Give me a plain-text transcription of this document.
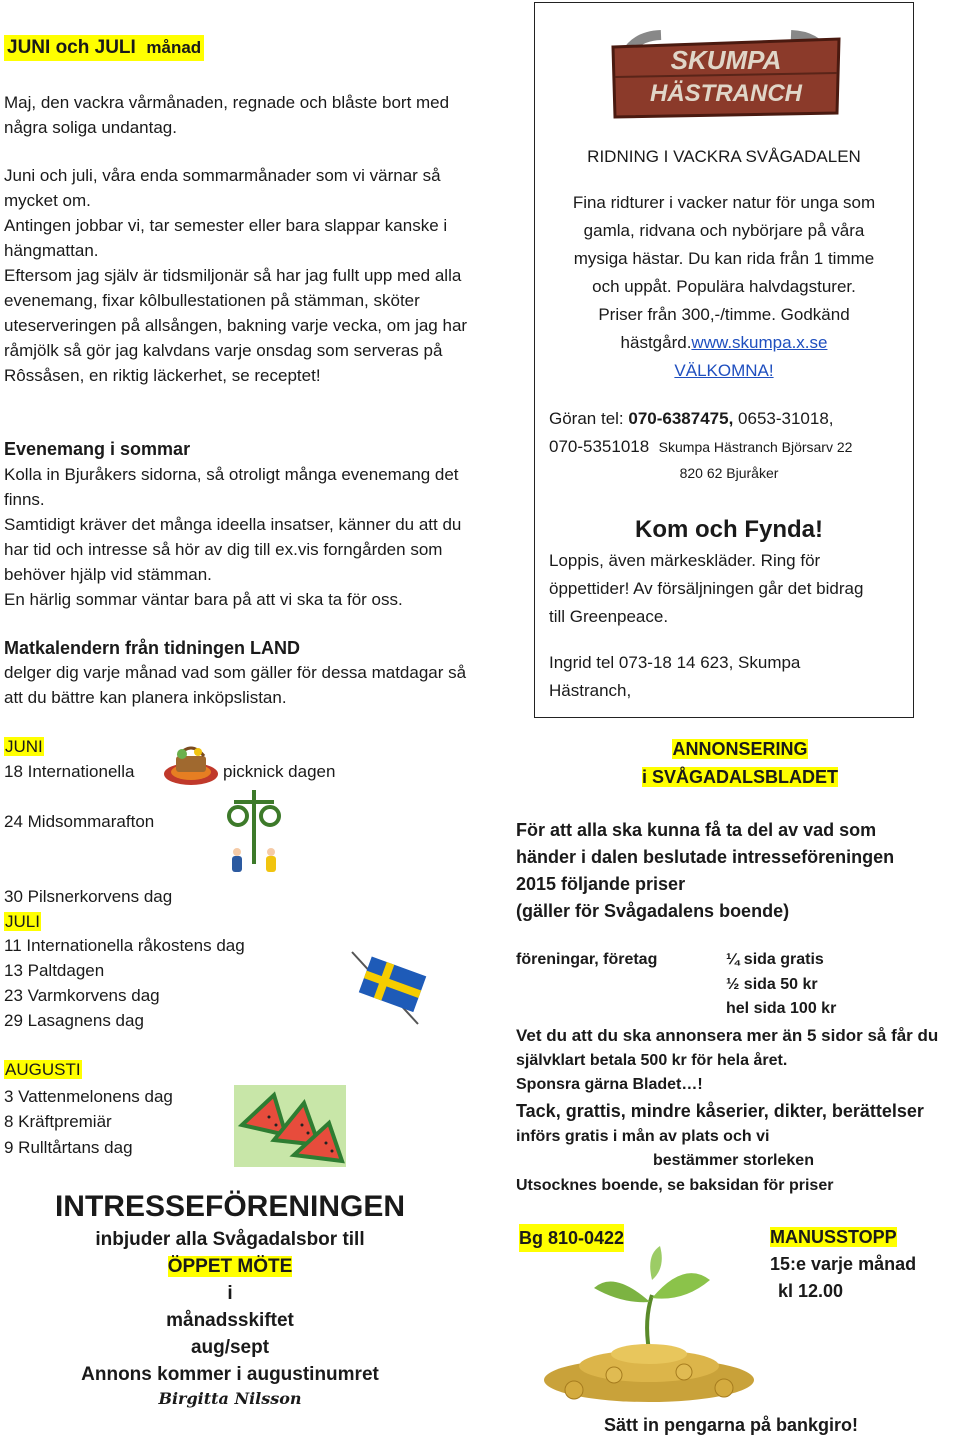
JUNI och JULI månad

Maj, den vackra vårmånaden, regnade och blåste bort med några soliga undantag.

Juni och juli, våra enda sommarmånader som vi värnar så mycket om.

Antingen jobbar vi, tar semester eller bara slappar kanske i hängmattan.

Eftersom jag själv är tidsmiljonär så har jag fullt upp med alla evenemang, fixar kôlbullestationen på stämman, sköter uteserveringen på allsången, bakning varje vecka, om jag har råmjölk så gör jag kalvdans varje onsdag som serveras på Rôssåsen, en riktig läckerhet, se receptet!

Evenemang i sommar

Kolla in Bjuråkers sidorna, så otroligt många evenemang det finns.

Samtidigt kräver det många ideella insatser, känner du att du har tid och intresse så hör av dig till ex.vis forngården som behöver hjälp vid stämman.

En härlig sommar väntar bara på att vi ska ta för oss.

Matkalendern från tidningen LAND

delger dig varje månad vad som gäller för dessa matdagar så att du bättre kan planera inköpslistan.

JUNI
18 Internationella	picknick dagen
24 Midsommarafton
30 Pilsnerkorvens dag
JULI
11 Internationella råkostens dag
13 Paltdagen
23 Varmkorvens dag
29 Lasagnens dag
AUGUSTI
3 Vattenmelonens dag
8 Kräftpremiär
9 Rulltårtans dag
INTRESSEFÖRENINGEN
inbjuder alla Svågadalsbor till
ÖPPET MÖTE
i
månadsskiftet
aug/sept
Annons kommer i augustinumret
Birgitta Nilsson
SKUMPA
HÄSTRANCH
RIDNING I VACKRA SVÅGADALEN
Fina ridturer i vacker natur för unga som
gamla, ridvana och nybörjare på våra
mysiga hästar. Du kan rida från 1 timme
och uppåt. Populära halvdagsturer.
Priser från 300,-/timme. Godkänd
hästgård.www.skumpa.x.se
VÄLKOMNA!
Göran tel: 070-6387475, 0653-31018,
070-5351018 Skumpa Hästranch Björsarv 22
820 62 Bjuråker
Kom och Fynda!
Loppis, även märkeskläder. Ring för
öppettider! Av försäljningen går det bidrag
till Greenpeace.
Ingrid tel 073-18 14 623, Skumpa
Hästranch,
ANNONSERING
i SVÅGADALSBLADET
För att alla ska kunna få ta del av vad som
händer i dalen beslutade intresseföreningen
2015 följande priser
(gäller för Svågadalens boende)
föreningar, företag	¼ sida gratis
½ sida 50 kr
hel sida 100 kr
Vet du att du ska annonsera mer än 5 sidor så får du
självklart betala 500 kr för hela året.
Sponsra gärna Bladet…!
Tack, grattis, mindre kåserier, dikter, berättelser
införs gratis i mån av plats och vi
bestämmer storleken
Utsocknes boende, se baksidan för priser
Bg 810-0422	MANUSSTOPP
15:e varje månad
kl 12.00
Sätt in pengarna på bankgiro!
